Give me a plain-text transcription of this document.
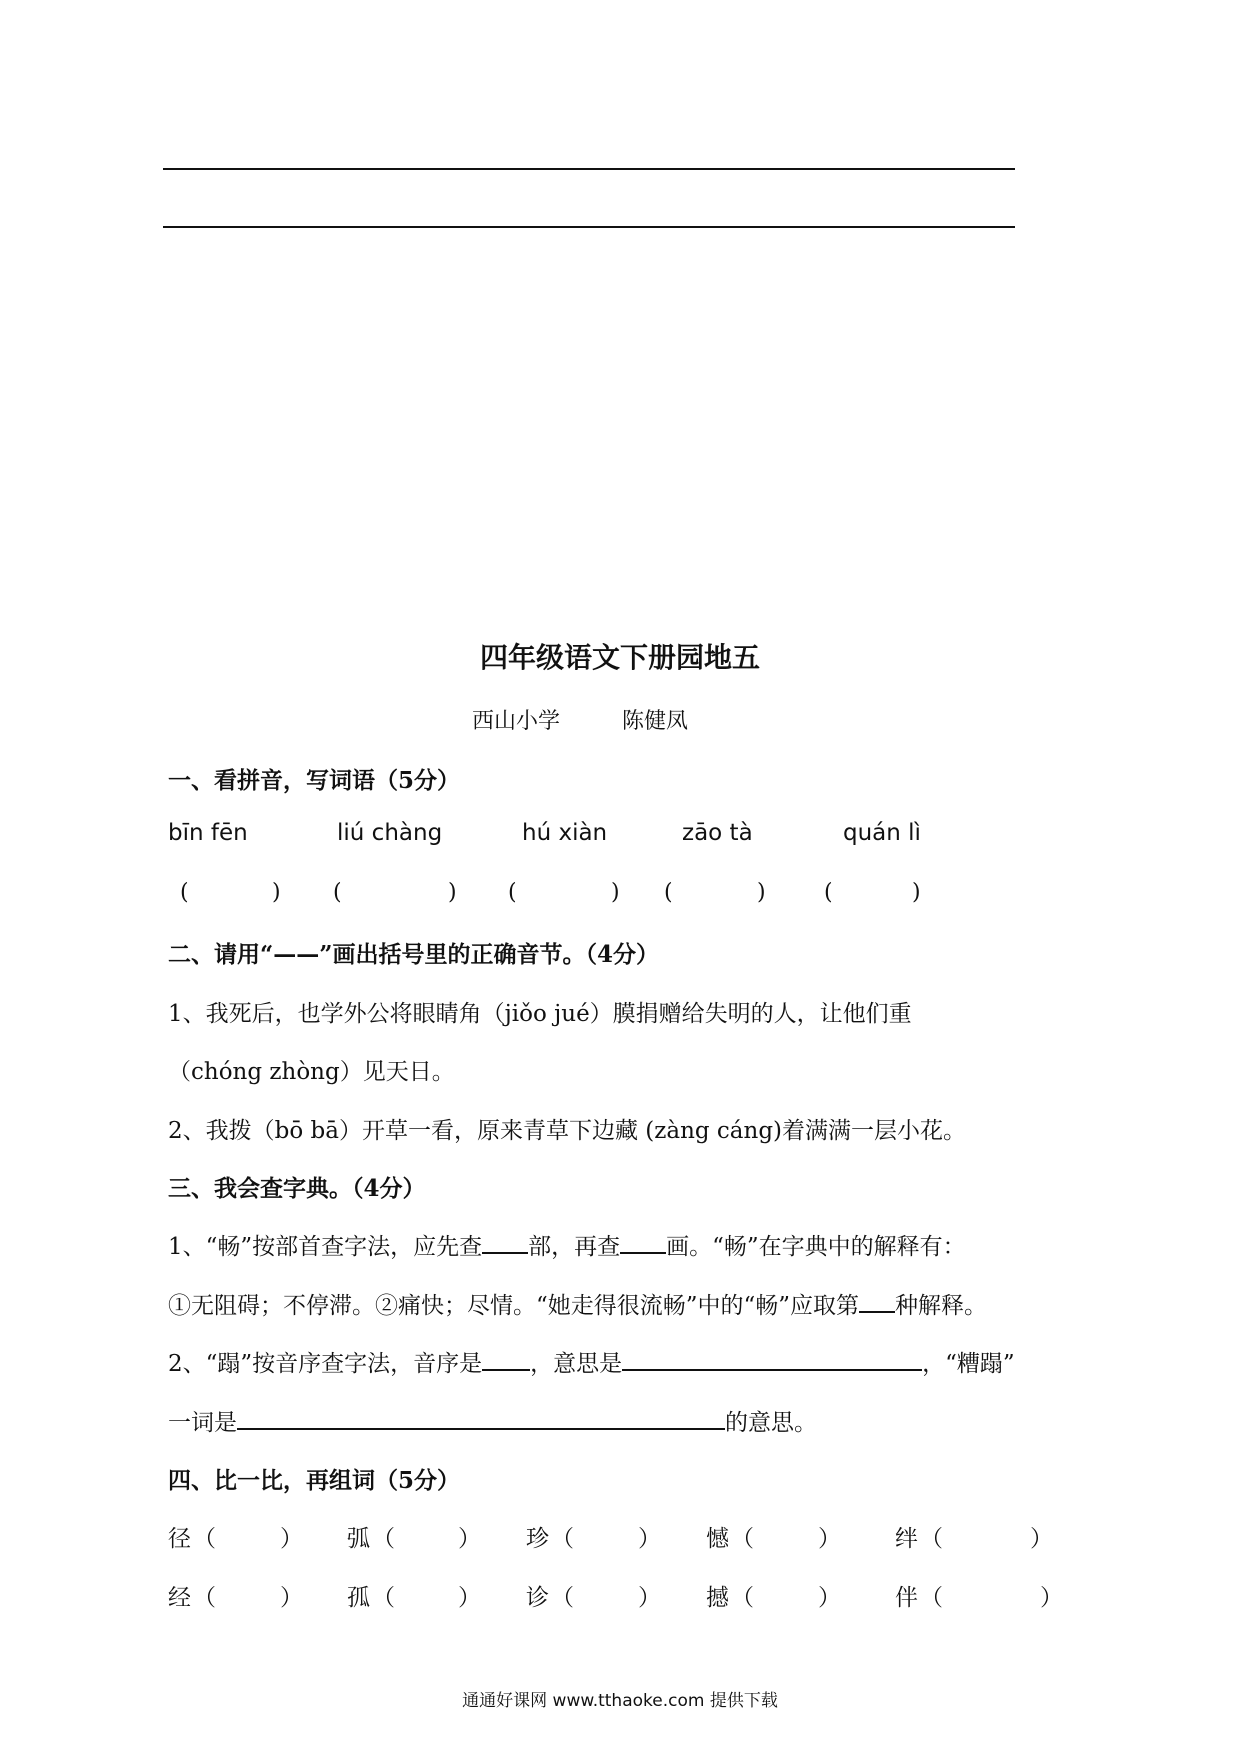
四年级语文下册园地五
西山小学	陈健凤
一、看拼音，写词语（5分）
bīn fēn	liú chàng	hú xiàn	zāo tà	quán lì
(	) (	) (	) (	)	(	)
二、请用“——”画出括号里的正确音节。（4分）
1、我死后，也学外公将眼睛角（jiǒo jué）膜捐赠给失明的人，让他们重
（chóng zhòng）见天日。
2、我拨（bō bā）开草一看，原来青草下边藏 (zàng cáng)着满满一层小花。
三、我会查字典。（4分）
1、“畅”按部首查字法，应先查 部，再查 画。“畅”在字典中的解释有：
①无阻碍；不停滞。②痛快；尽情。“她走得很流畅”中的“畅”应取第 种解释。
2、“蹋”按音序查字法，音序是 ，意思是	，“糟蹋”
一词是	的意思。
四、比一比，再组词（5分）
径 （	） 弧 （	） 珍 （	） 憾 （	） 绊 （	）
经 （	） 孤 （	） 诊 （	） 撼 （	） 伴 （	）
通通好课网 www.tthaoke.com 提供下载
